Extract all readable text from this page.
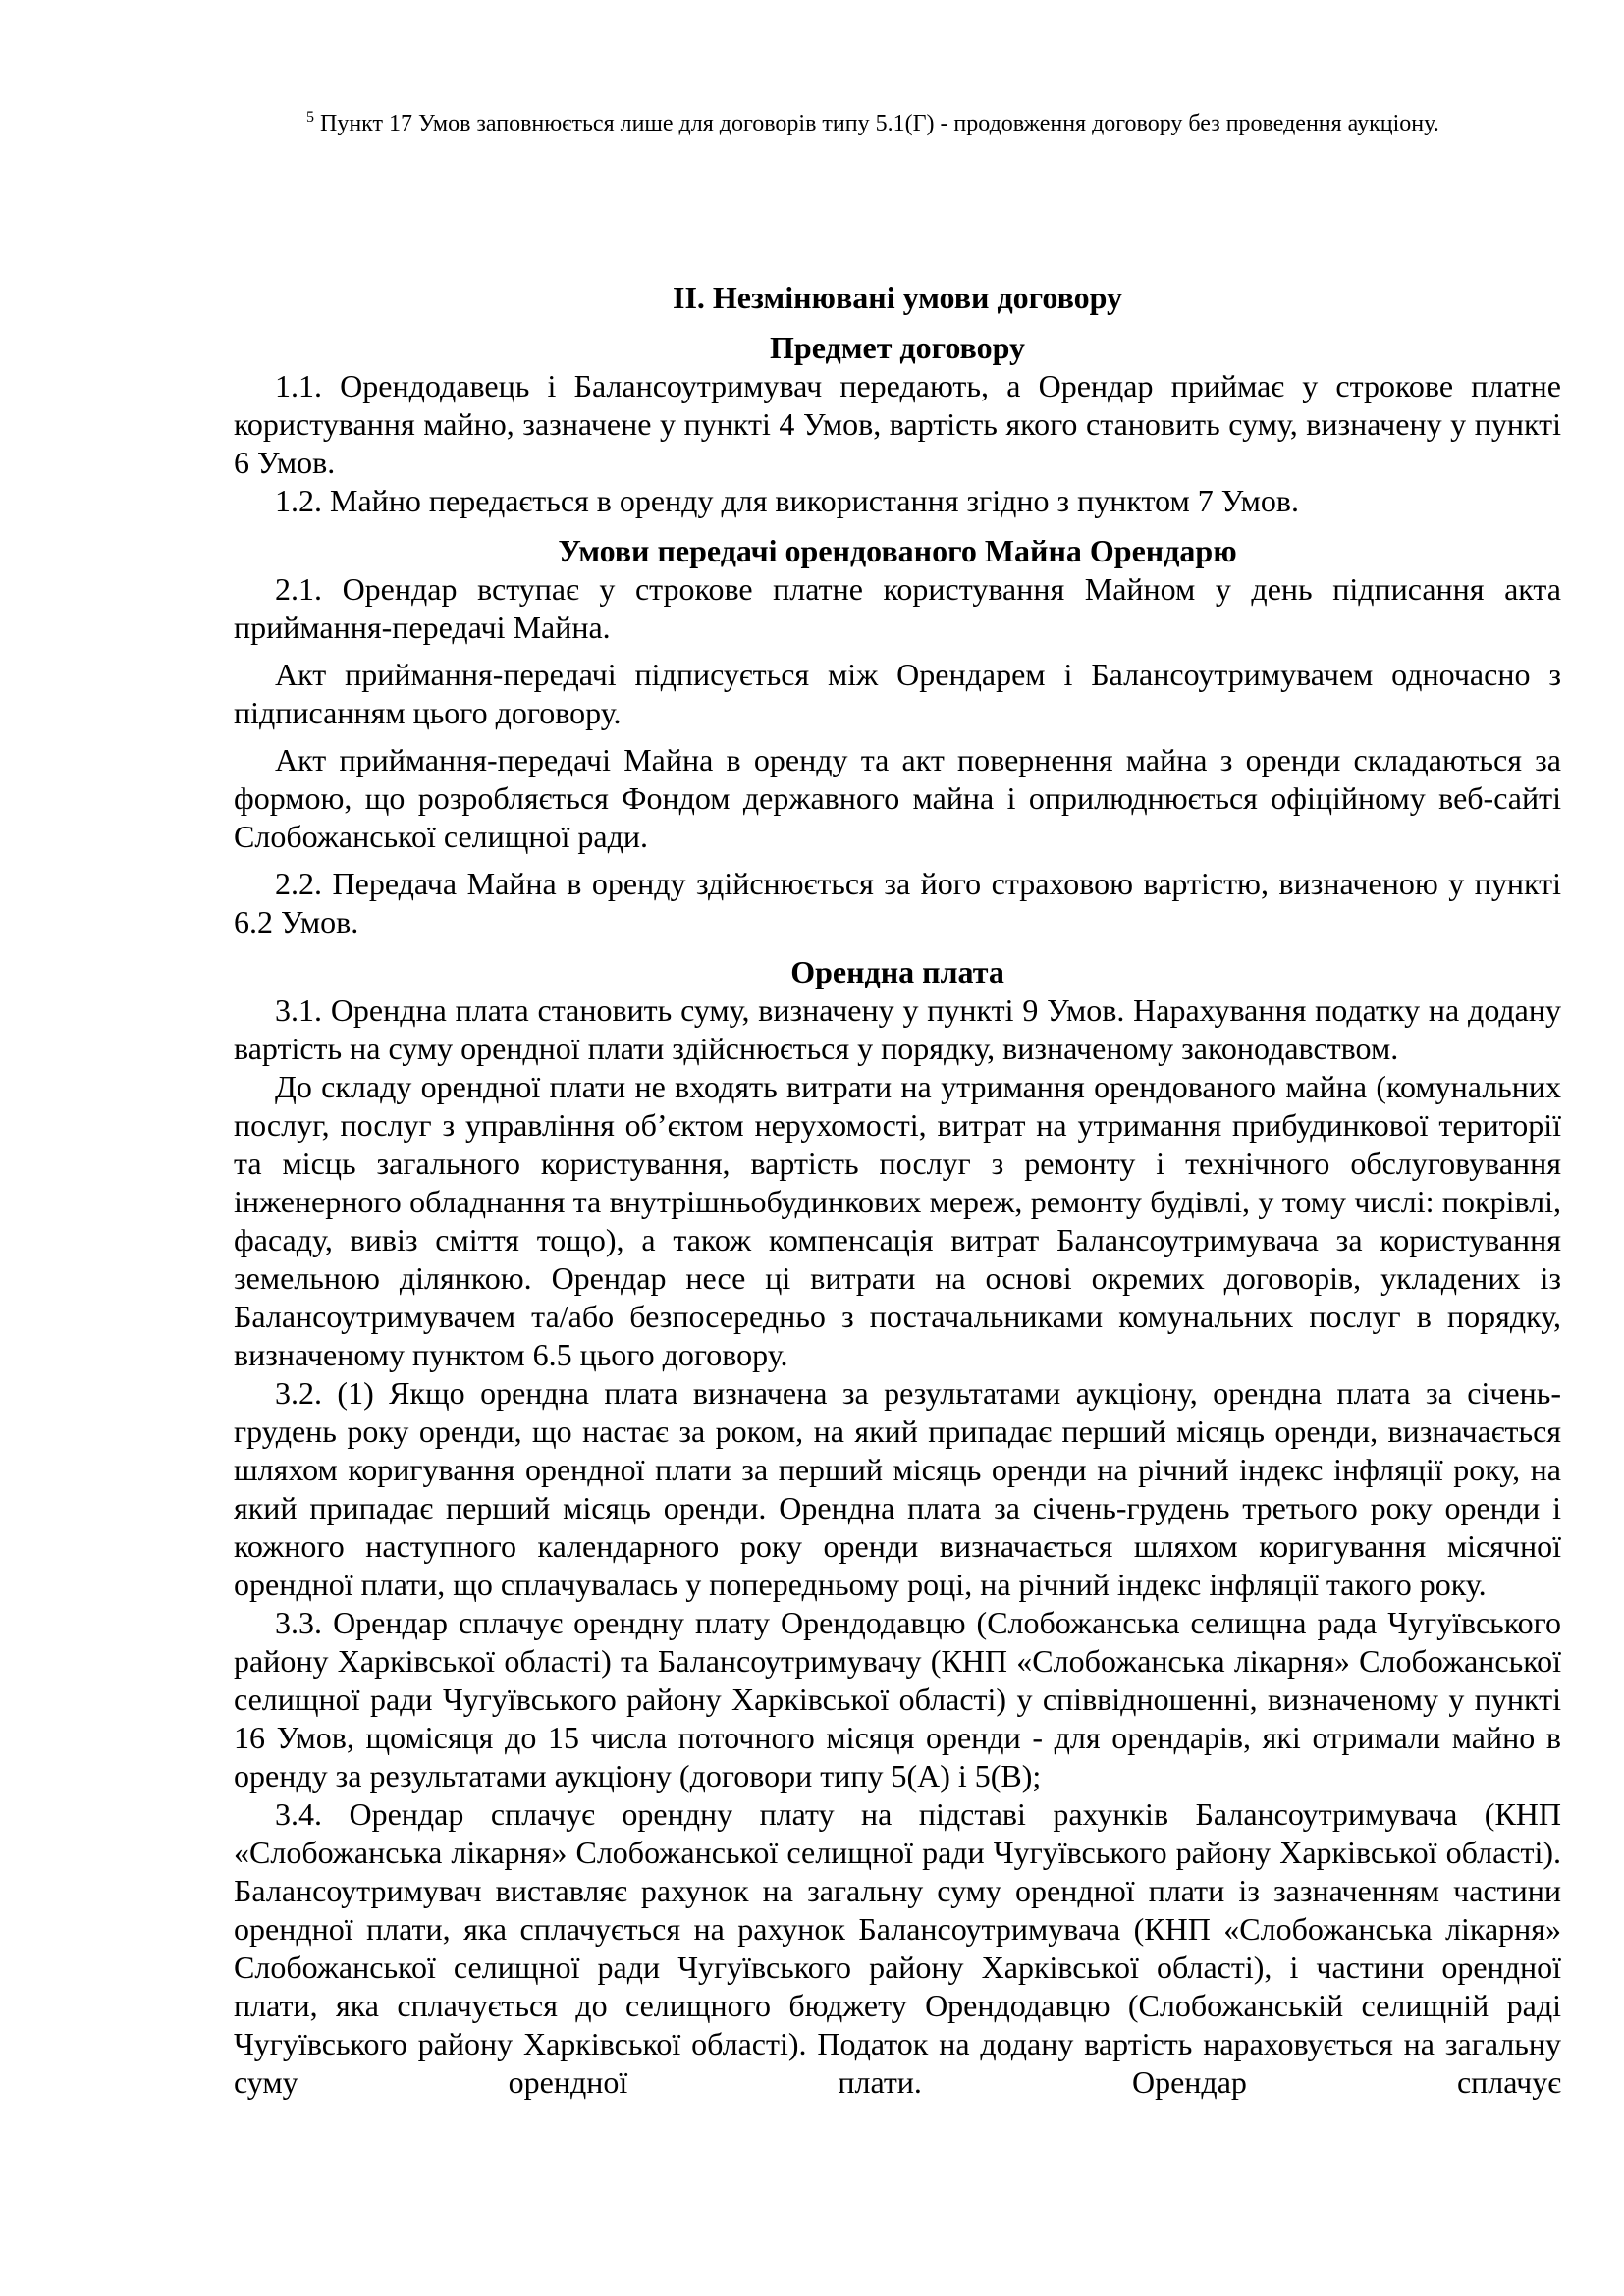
$^5$ Пункт 17 Умов заповнюється лише для договорів типу 5.1(Г) - продовження договору без проведення аукціону.

ІІ. Незмінювані умови договору
Предмет договору

1.1. Орендодавець і Балансоутримувач передають, а Орендар приймає у строкове платне користування майно, зазначене у пункті 4 Умов, вартість якого становить суму, визначену у пункті 6 Умов.

1.2. Майно передається в оренду для використання згідно з пунктом 7 Умов.

Умови передачі орендованого Майна Орендарю

2.1. Орендар вступає у строкове платне користування Майном у день підписання акта приймання-передачі Майна.

Акт приймання-передачі підписується між Орендарем і Балансоутримувачем одночасно з підписанням цього договору.

Акт приймання-передачі Майна в оренду та акт повернення майна з оренди складаються за формою, що розробляється Фондом державного майна і оприлюднюється офіційному веб-сайті Слобожанської селищної ради.

2.2. Передача Майна в оренду здійснюється за його страховою вартістю, визначеною у пункті 6.2 Умов.

Орендна плата

3.1. Орендна плата становить суму, визначену у пункті 9 Умов. Нарахування податку на додану вартість на суму орендної плати здійснюється у порядку, визначеному законодавством.

До складу орендної плати не входять витрати на утримання орендованого майна (комунальних послуг, послуг з управління об’єктом нерухомості, витрат на утримання прибудинкової території та місць загального користування, вартість послуг з ремонту і технічного обслуговування інженерного обладнання та внутрішньобудинкових мереж, ремонту будівлі, у тому числі: покрівлі, фасаду, вивіз сміття тощо), а також компенсація витрат Балансоутримувача за користування земельною ділянкою. Орендар несе ці витрати на основі окремих договорів, укладених із Балансоутримувачем та/або безпосередньо з постачальниками комунальних послуг в порядку, визначеному пунктом 6.5 цього договору.

3.2. (1) Якщо орендна плата визначена за результатами аукціону, орендна плата за січень-грудень року оренди, що настає за роком, на який припадає перший місяць оренди, визначається шляхом коригування орендної плати за перший місяць оренди на річний індекс інфляції року, на який припадає перший місяць оренди. Орендна плата за січень-грудень третього року оренди і кожного наступного календарного року оренди визначається шляхом коригування місячної орендної плати, що сплачувалась у попередньому році, на річний індекс інфляції такого року.

3.3. Орендар сплачує орендну плату Орендодавцю (Слобожанська селищна рада Чугуївського району Харківської області) та Балансоутримувачу (КНП «Слобожанська лікарня» Слобожанської селищної ради Чугуївського району Харківської області) у співвідношенні, визначеному у пункті 16 Умов, щомісяця до 15 числа поточного місяця оренди - для орендарів, які отримали майно в оренду за результатами аукціону (договори типу 5(А) і 5(В);

3.4. Орендар сплачує орендну плату на підставі рахунків Балансоутримувача (КНП «Слобожанська лікарня» Слобожанської селищної ради Чугуївського району Харківської області). Балансоутримувач виставляє рахунок на загальну суму орендної плати із зазначенням частини орендної плати, яка сплачується на рахунок Балансоутримувача (КНП «Слобожанська лікарня» Слобожанської селищної ради Чугуївського району Харківської області), і частини орендної плати, яка сплачується до селищного бюджету Орендодавцю (Слобожанській селищній раді Чугуївського району Харківської області). Податок на додану вартість нараховується на загальну суму орендної плати. Орендар сплачує
